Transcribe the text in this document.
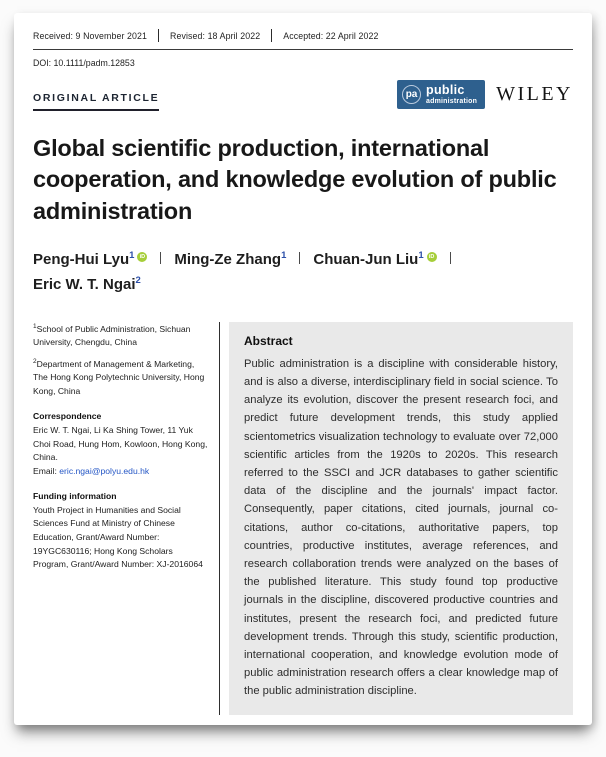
Received: 9 November 2021	Revised: 18 April 2022	Accepted: 22 April 2022
DOI: 10.1111/padm.12853
ORIGINAL ARTICLE	pa public
administration WILEY
Global scientific production, international cooperation, and knowledge evolution of public administration
Peng-Hui Lyu$^1$ iD Ming-Ze Zhang$^1$ Chuan-Jun Liu$^1$ iDEric W. T. Ngai$^2$
$^1$School of Public Administration, Sichuan University, Chengdu, China
$^2$Department of Management & Marketing, The Hong Kong Polytechnic University, Hong Kong, China
Correspondence
Eric W. T. Ngai, Li Ka Shing Tower, 11 Yuk Choi Road, Hung Hom, Kowloon, Hong Kong, China.
Email: eric.ngai@polyu.edu.hk
Funding information
Youth Project in Humanities and Social Sciences Fund at Ministry of Chinese Education, Grant/Award Number: 19YGC630116; Hong Kong Scholars Program, Grant/Award Number: XJ-2016064
Abstract
Public administration is a discipline with considerable history, and is also a diverse, interdisciplinary field in social science. To analyze its evolution, discover the present research foci, and predict future development trends, this study applied scientometrics visualization technology to evaluate over 72,000 scientific articles from the 1920s to 2020s. This research referred to the SSCI and JCR databases to gather scientific data of the discipline and the journals' impact factor. Consequently, paper citations, cited journals, journal co-citations, author co-citations, authoritative papers, top countries, productive institutes, average references, and research collaboration trends were analyzed on the bases of the published literature. This study found top productive journals in the discipline, discovered productive countries and institutes, present the research foci, and predicted future development trends. Through this study, scientific production, international cooperation, and knowledge evolution mode of public administration research offers a clear knowledge map of the public administration discipline.
